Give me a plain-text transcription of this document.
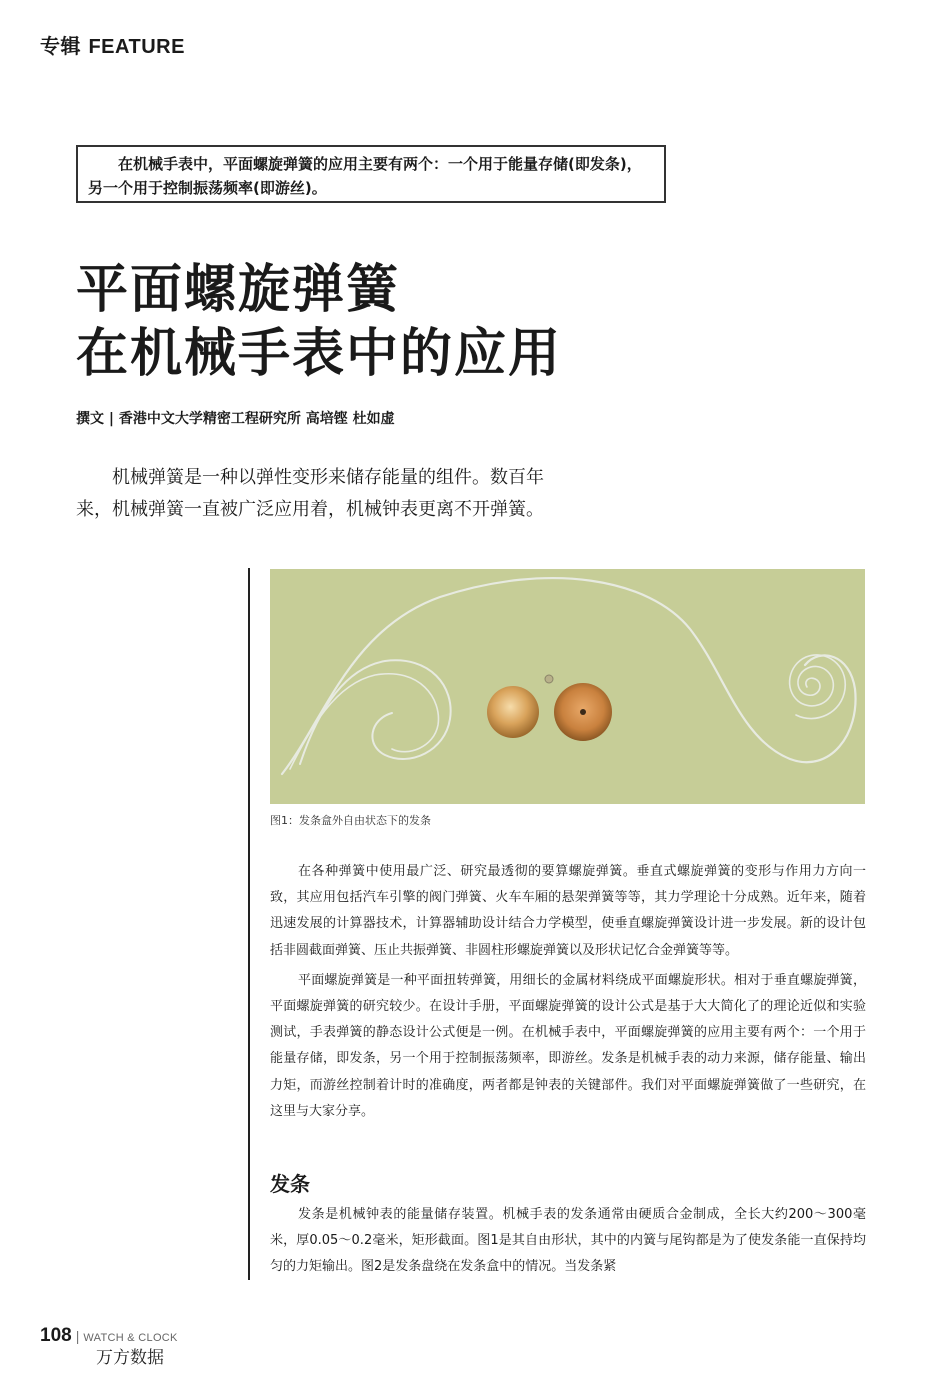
专辑 FEATURE

在机械手表中，平面螺旋弹簧的应用主要有两个：一个用于能量存储(即发条)，另一个用于控制振荡频率(即游丝)。

平面螺旋弹簧
在机械手表中的应用
撰文 | 香港中文大学精密工程研究所 高培铿 杜如虚

机械弹簧是一种以弹性变形来储存能量的组件。数百年来，机械弹簧一直被广泛应用着，机械钟表更离不开弹簧。

图1：发条盒外自由状态下的发条

在各种弹簧中使用最广泛、研究最透彻的要算螺旋弹簧。垂直式螺旋弹簧的变形与作用力方向一致，其应用包括汽车引擎的阀门弹簧、火车车厢的悬架弹簧等等，其力学理论十分成熟。近年来，随着迅速发展的计算器技术，计算器辅助设计结合力学模型，使垂直螺旋弹簧设计进一步发展。新的设计包括非圆截面弹簧、压止共振弹簧、非圆柱形螺旋弹簧以及形状记忆合金弹簧等等。

平面螺旋弹簧是一种平面扭转弹簧，用细长的金属材料绕成平面螺旋形状。相对于垂直螺旋弹簧，平面螺旋弹簧的研究较少。在设计手册，平面螺旋弹簧的设计公式是基于大大简化了的理论近似和实验测试，手表弹簧的静态设计公式便是一例。在机械手表中，平面螺旋弹簧的应用主要有两个：一个用于能量存储，即发条，另一个用于控制振荡频率，即游丝。发条是机械手表的动力来源，储存能量、输出力矩，而游丝控制着计时的准确度，两者都是钟表的关键部件。我们对平面螺旋弹簧做了一些研究，在这里与大家分享。

发条

发条是机械钟表的能量储存装置。机械手表的发条通常由硬质合金制成，全长大约200～300毫米，厚0.05～0.2毫米，矩形截面。图1是其自由形状，其中的内簧与尾钩都是为了使发条能一直保持均匀的力矩输出。图2是发条盘绕在发条盒中的情况。当发条紧

108 | WATCH & CLOCK
万方数据
